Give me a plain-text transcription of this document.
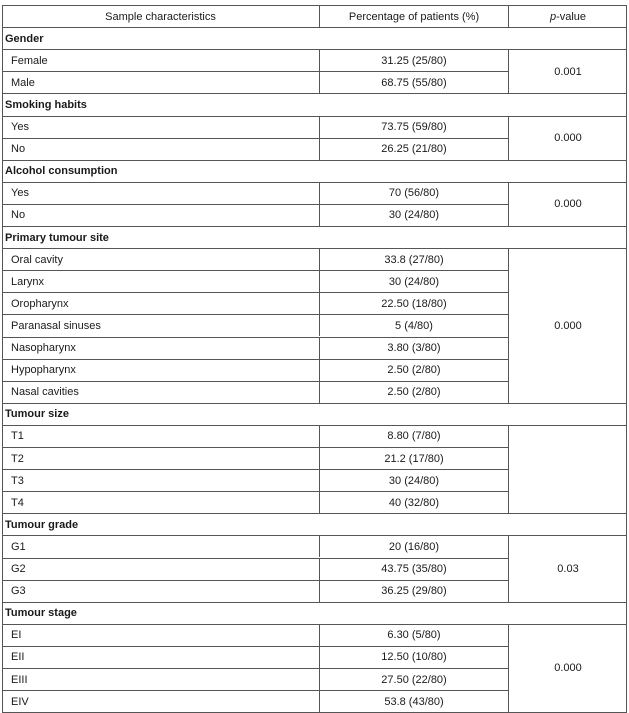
Sample characteristics	Percentage of patients (%)	p -value
Gender
Female	31.25 (25/80)
Male	68.75 (55/80)
0.001
Smoking habits
Yes	73.75 (59/80)
No	26.25 (21/80)
0.000
Alcohol consumption
Yes	70 (56/80)
No	30 (24/80)
0.000
Primary tumour site
Oral cavity	33.8 (27/80)
Larynx	30 (24/80)
Oropharynx	22.50 (18/80)
Paranasal sinuses	5 (4/80)
Nasopharynx	3.80 (3/80)
Hypopharynx	2.50 (2/80)
Nasal cavities	2.50 (2/80)
0.000
Tumour size
T1	8.80 (7/80)
T2	21.2 (17/80)
T3	30 (24/80)
T4	40 (32/80)
Tumour grade
G1	20 (16/80)
G2	43.75 (35/80)
G3	36.25 (29/80)
0.03
Tumour stage
EI	6.30 (5/80)
EII	12.50 (10/80)
EIII	27.50 (22/80)
EIV	53.8 (43/80)
0.000
